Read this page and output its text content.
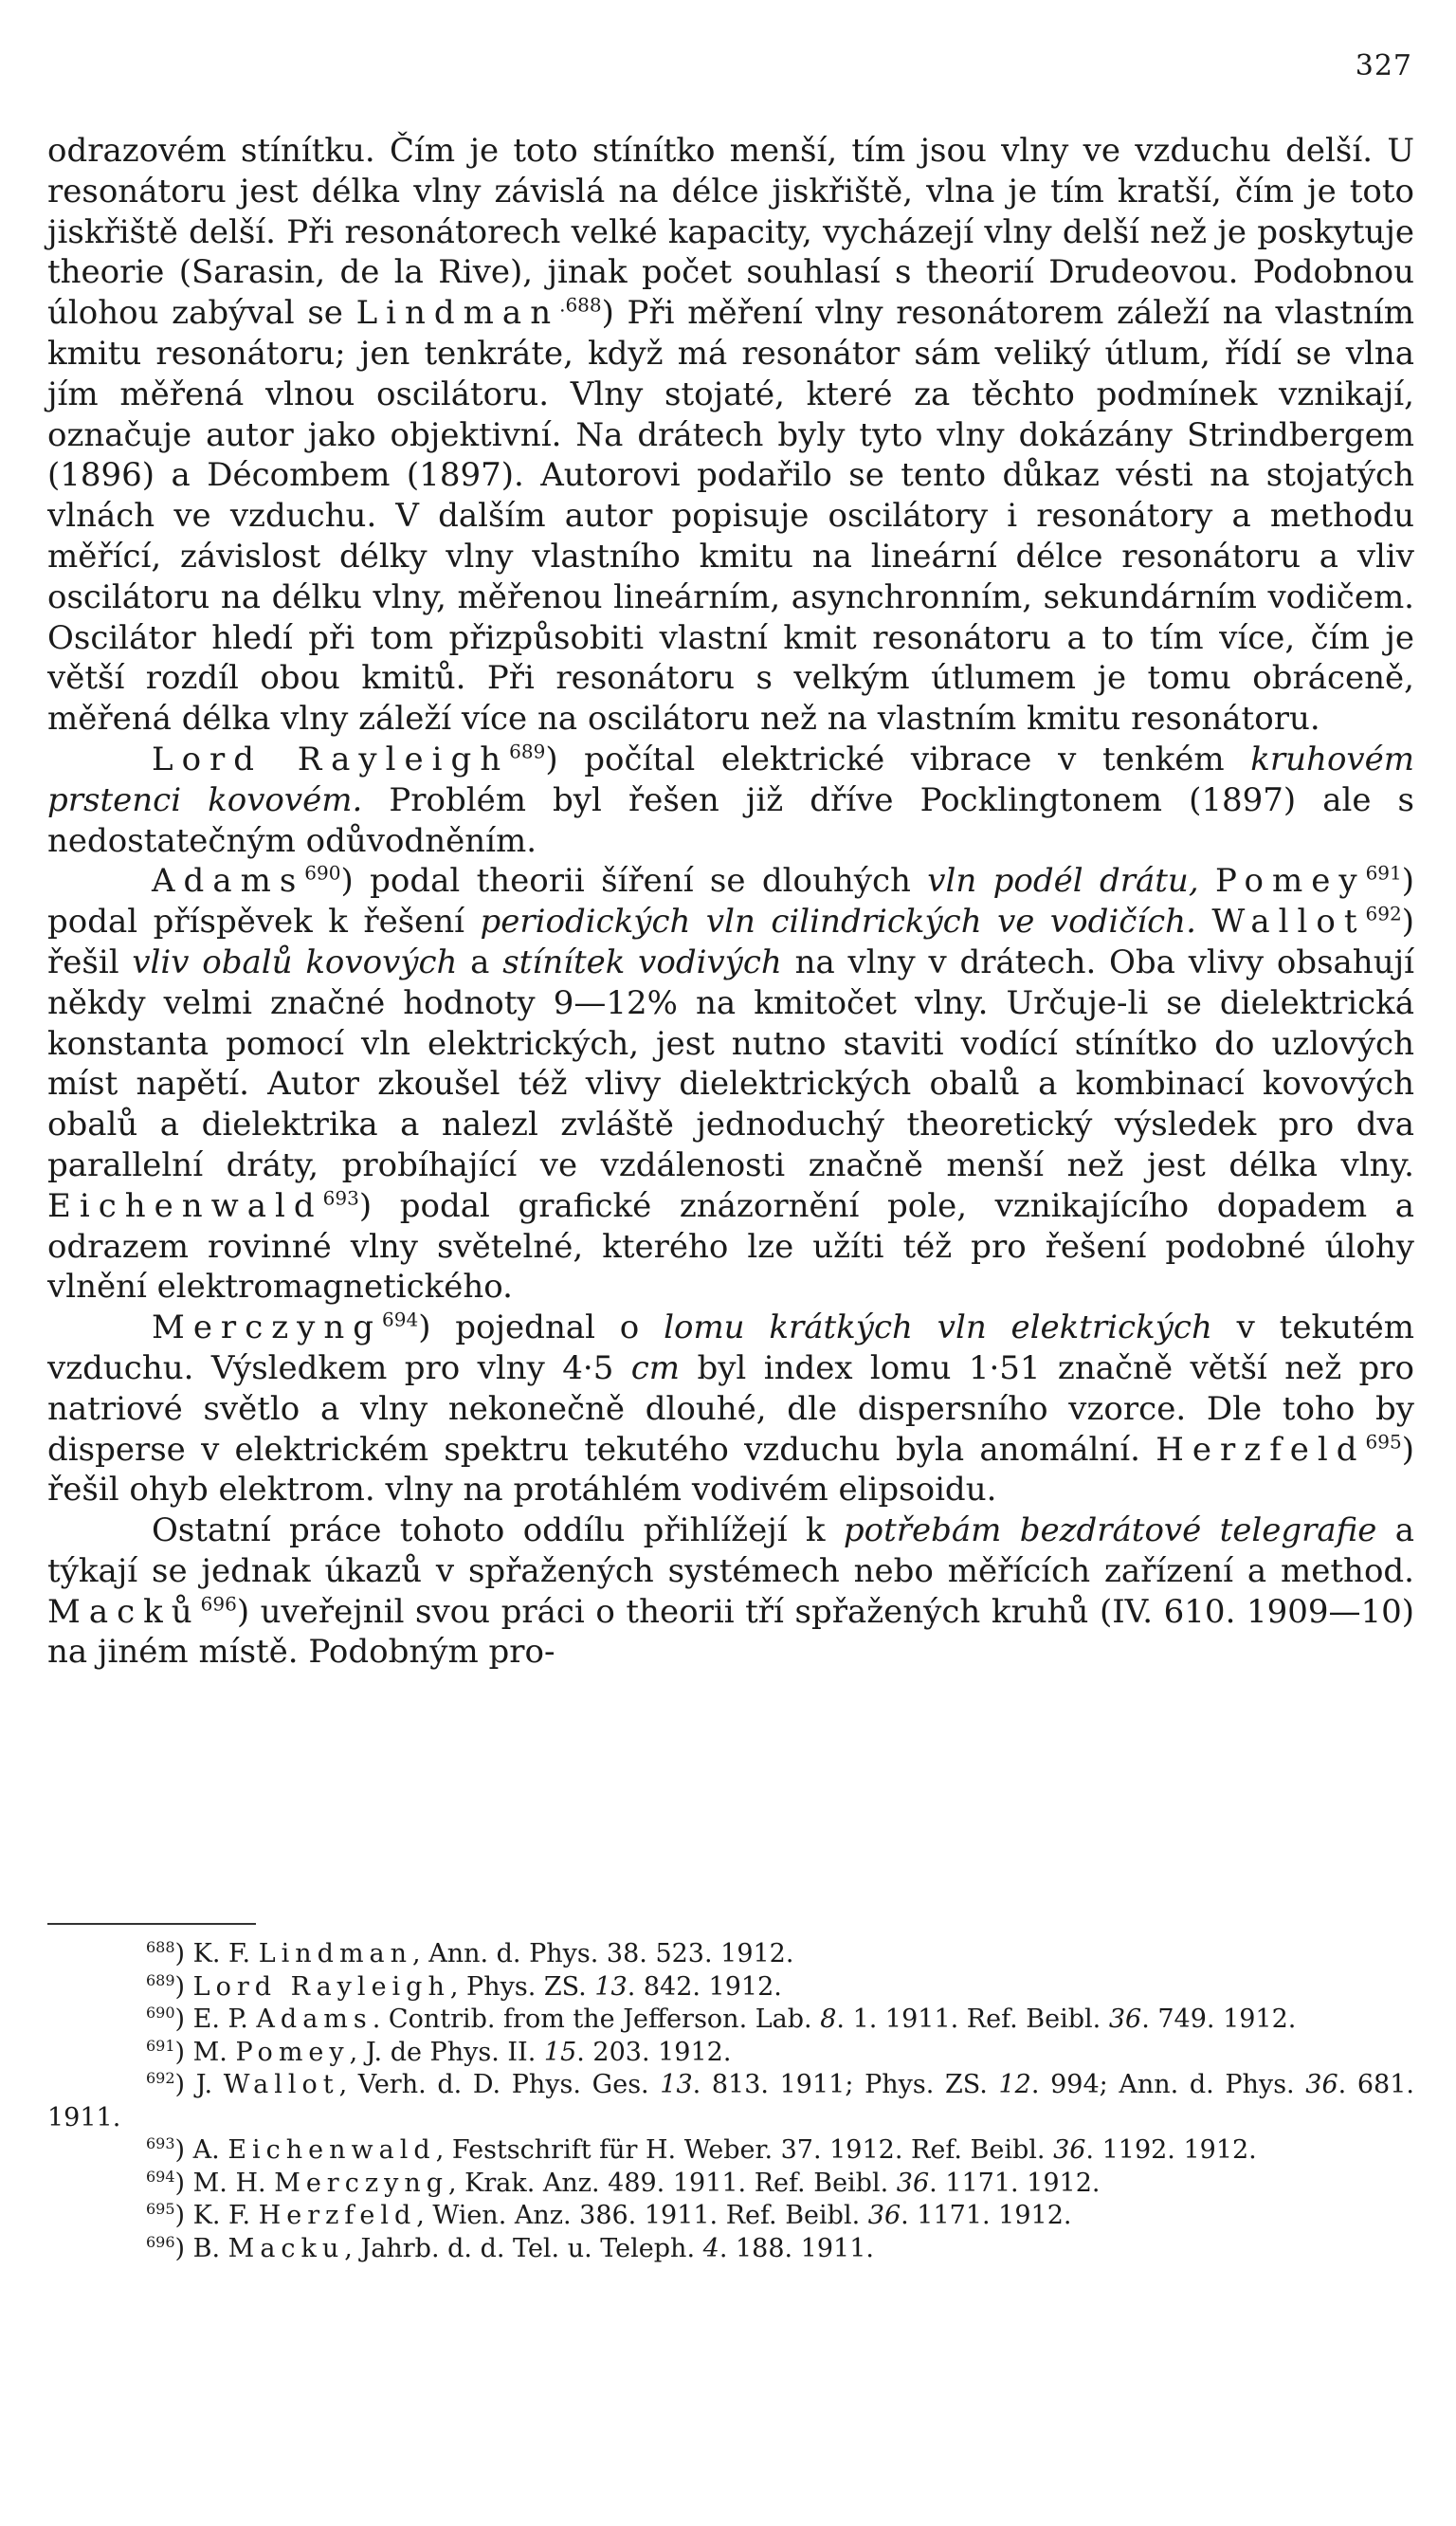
327

odrazovém stínítku. Čím je toto stínítko menší, tím jsou vlny ve vzduchu delší. U resonátoru jest délka vlny závislá na délce jiskřiště, vlna je tím kratší, čím je toto jiskřiště delší. Při resonátorech velké kapacity, vycházejí vlny delší než je poskytuje theorie (Sarasin, de la Rive), jinak počet souhlasí s theorií Drudeovou. Podobnou úlohou zabýval se Lindman$^{.688}$) Při měření vlny resonátorem záleží na vlastním kmitu resonátoru; jen tenkráte, když má resonátor sám veliký útlum, řídí se vlna jím měřená vlnou oscilátoru. Vlny stojaté, které za těchto podmínek vznikají, označuje autor jako objektivní. Na drátech byly tyto vlny dokázány Strindbergem (1896) a Décombem (1897). Autorovi podařilo se tento důkaz vésti na stojatých vlnách ve vzduchu. V dalším autor popisuje oscilátory i resonátory a methodu měřící, závislost délky vlny vlastního kmitu na lineární délce resonátoru a vliv oscilátoru na délku vlny, měřenou lineárním, asynchronním, sekundárním vodičem. Oscilátor hledí při tom přizpůsobiti vlastní kmit resonátoru a to tím více, čím je větší rozdíl obou kmitů. Při resonátoru s velkým útlumem je tomu obráceně, měřená délka vlny záleží více na oscilátoru než na vlastním kmitu resonátoru.

Lord Rayleigh$^{689}$) počítal elektrické vibrace v tenkém kruhovém prstenci kovovém. Problém byl řešen již dříve Pocklingtonem (1897) ale s nedostatečným odůvodněním.

Adams$^{690}$) podal theorii šíření se dlouhých vln podél drátu, Pomey$^{691}$) podal příspěvek k řešení periodických vln cilindrických ve vodičích. Wallot$^{692}$) řešil vliv obalů kovových a stínítek vodivých na vlny v drátech. Oba vlivy obsahují někdy velmi značné hodnoty 9—12% na kmitočet vlny. Určuje-li se dielektrická konstanta pomocí vln elektrických, jest nutno staviti vodící stínítko do uzlových míst napětí. Autor zkoušel též vlivy dielektrických obalů a kombinací kovových obalů a dielektrika a nalezl zvláště jednoduchý theoretický výsledek pro dva parallelní dráty, probíhající ve vzdálenosti značně menší než jest délka vlny. Eichenwald$^{693}$) podal grafické znázornění pole, vznikajícího dopadem a odrazem rovinné vlny světelné, kterého lze užíti též pro řešení podobné úlohy vlnění elektromagnetického.

Merczyng$^{694}$) pojednal o lomu krátkých vln elektrických v tekutém vzduchu. Výsledkem pro vlny 4·5 cm byl index lomu 1·51 značně větší než pro natriové světlo a vlny nekonečně dlouhé, dle dispersního vzorce. Dle toho by disperse v elektrickém spektru tekutého vzduchu byla anomální. Herzfeld$^{695}$) řešil ohyb elektrom. vlny na protáhlém vodivém elipsoidu.

Ostatní práce tohoto oddílu přihlížejí k potřebám bezdrátové telegrafie a týkají se jednak úkazů v spřažených systémech nebo měřících zařízení a method. Macků$^{696}$) uveřejnil svou práci o theorii tří spřažených kruhů (IV. 610. 1909—10) na jiném místě. Podobným pro-

$^{688}$) K. F. Lindman, Ann. d. Phys. 38. 523. 1912.

$^{689}$) Lord Rayleigh, Phys. ZS. 13. 842. 1912.

$^{690}$) E. P. Adams. Contrib. from the Jefferson. Lab. 8. 1. 1911. Ref. Beibl. 36. 749. 1912.

$^{691}$) M. Pomey, J. de Phys. II. 15. 203. 1912.

$^{692}$) J. Wallot, Verh. d. D. Phys. Ges. 13. 813. 1911; Phys. ZS. 12. 994; Ann. d. Phys. 36. 681. 1911.

$^{693}$) A. Eichenwald, Festschrift für H. Weber. 37. 1912. Ref. Beibl. 36. 1192. 1912.

$^{694}$) M. H. Merczyng, Krak. Anz. 489. 1911. Ref. Beibl. 36. 1171. 1912.

$^{695}$) K. F. Herzfeld, Wien. Anz. 386. 1911. Ref. Beibl. 36. 1171. 1912.

$^{696}$) B. Macku, Jahrb. d. d. Tel. u. Teleph. 4. 188. 1911.
